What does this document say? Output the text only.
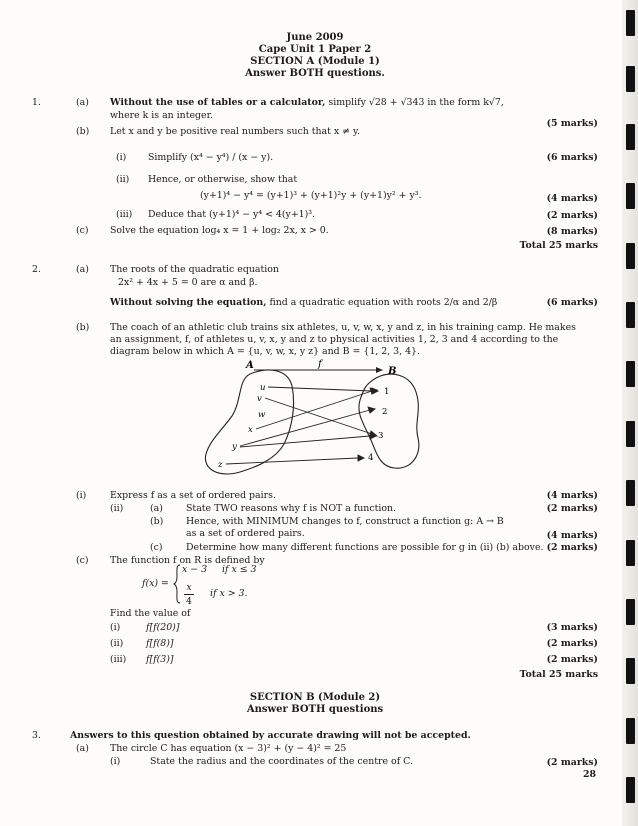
June 2009
Cape Unit 1 Paper 2
SECTION A (Module 1)
Answer BOTH questions.
1.	(a) Without the use of tables or a calculator, simplify √28 + √343 in the form k√7,
where k is an integer.
(5 marks)
(b) Let x and y be positive real numbers such that x ≠ y.
(i) Simplify (x⁴ − y⁴) / (x − y).	(6 marks)
(ii) Hence, or otherwise, show that
(y+1)⁴ − y⁴ = (y+1)³ + (y+1)²y + (y+1)y² + y³.	(4 marks)
(iii) Deduce that (y+1)⁴ − y⁴ < 4(y+1)³.	(2 marks)
(c) Solve the equation log₄ x = 1 + log₂ 2x, x > 0.	(8 marks)
Total 25 marks
2.	(a) The roots of the quadratic equation
2x² + 4x + 5 = 0 are α and β.
Without solving the equation, find a quadratic equation with roots 2/α and 2/β	(6 marks)
(b) The coach of an athletic club trains six athletes, u, v, w, x, y and z, in his training camp. He makes
an assignment, f, of athletes u, v, x, y and z to physical activities 1, 2, 3 and 4 according to the
diagram below in which A = {u, v, w, x, y z} and B = {1, 2, 3, 4}.
A
B
f
u
v
w
x
y
z
1
2
3
4
(i)	Express f as a set of ordered pairs.	(4 marks)
(ii)	(a) State TWO reasons why f is NOT a function.	(2 marks)
(b) Hence, with MINIMUM changes to f, construct a function g: A → B
as a set of ordered pairs.	(4 marks)
(c) Determine how many different functions are possible for g in (ii) (b) above. (2 marks)
(c) The function f on R is defined by
f(x) =
x − 3 if x ≤ 3
x
4
if x > 3.
Find the value of
(i)	f[f(20)]	(3 marks)
(ii) f[f(8)]	(2 marks)
(iii) f[f(3)]	(2 marks)
Total 25 marks
SECTION B (Module 2)
Answer BOTH questions
3.	Answers to this question obtained by accurate drawing will not be accepted.
(a) The circle C has equation (x − 3)² + (y − 4)² = 25
(i)	State the radius and the coordinates of the centre of C.	(2 marks)
28
